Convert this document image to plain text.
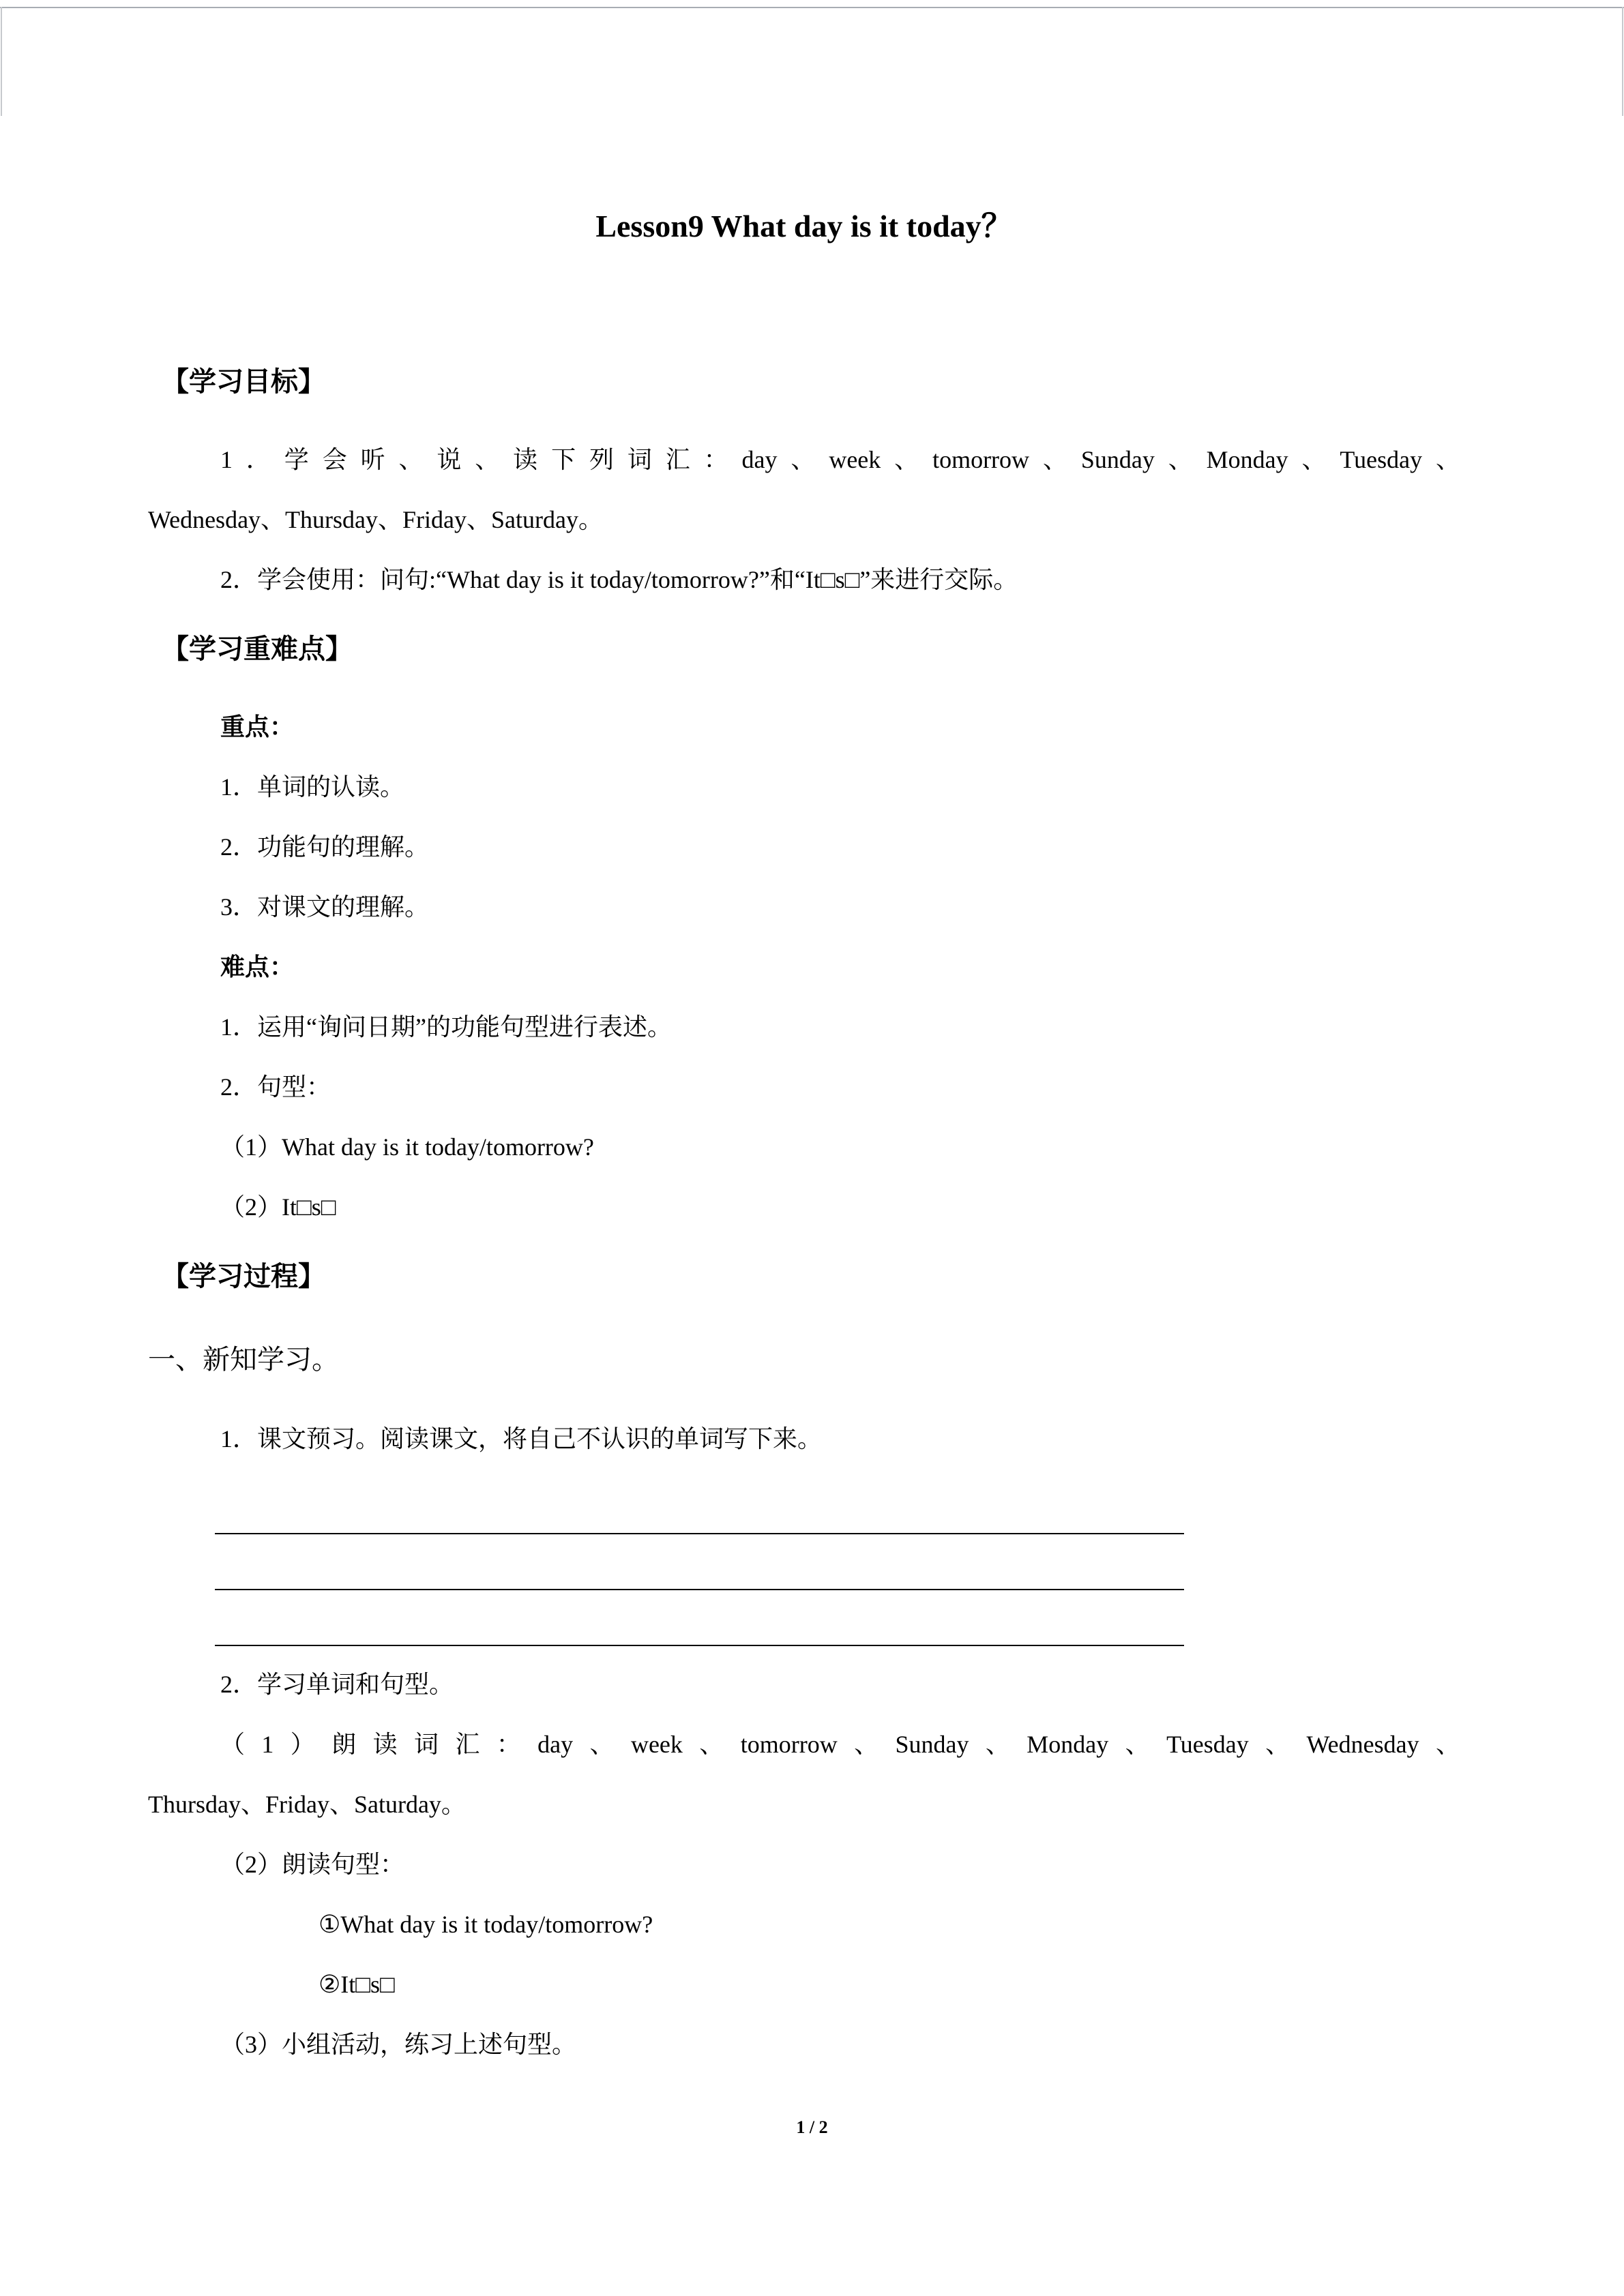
Lesson9 What day is it today？
【学习目标】
1．学会听、说、读下列词汇：day、week、tomorrow、Sunday、Monday、Tuesday、
Wednesday、Thursday、Friday、Saturday。
2．学会使用：问句:“What day is it today/tomorrow?”和“It□s□”来进行交际。
【学习重难点】
重点：
1．单词的认读。
2．功能句的理解。
3．对课文的理解。
难点：
1．运用“询问日期”的功能句型进行表述。
2．句型：
（1）What day is it today/tomorrow?
（2）It□s□
【学习过程】
一、新知学习。
1．课文预习。阅读课文，将自己不认识的单词写下来。
2．学习单词和句型。
（1）朗读词汇：day、week、tomorrow、Sunday、Monday、Tuesday、Wednesday、
Thursday、Friday、Saturday。
（2）朗读句型：
①What day is it today/tomorrow?
②It□s□
（3）小组活动，练习上述句型。
1 / 2
